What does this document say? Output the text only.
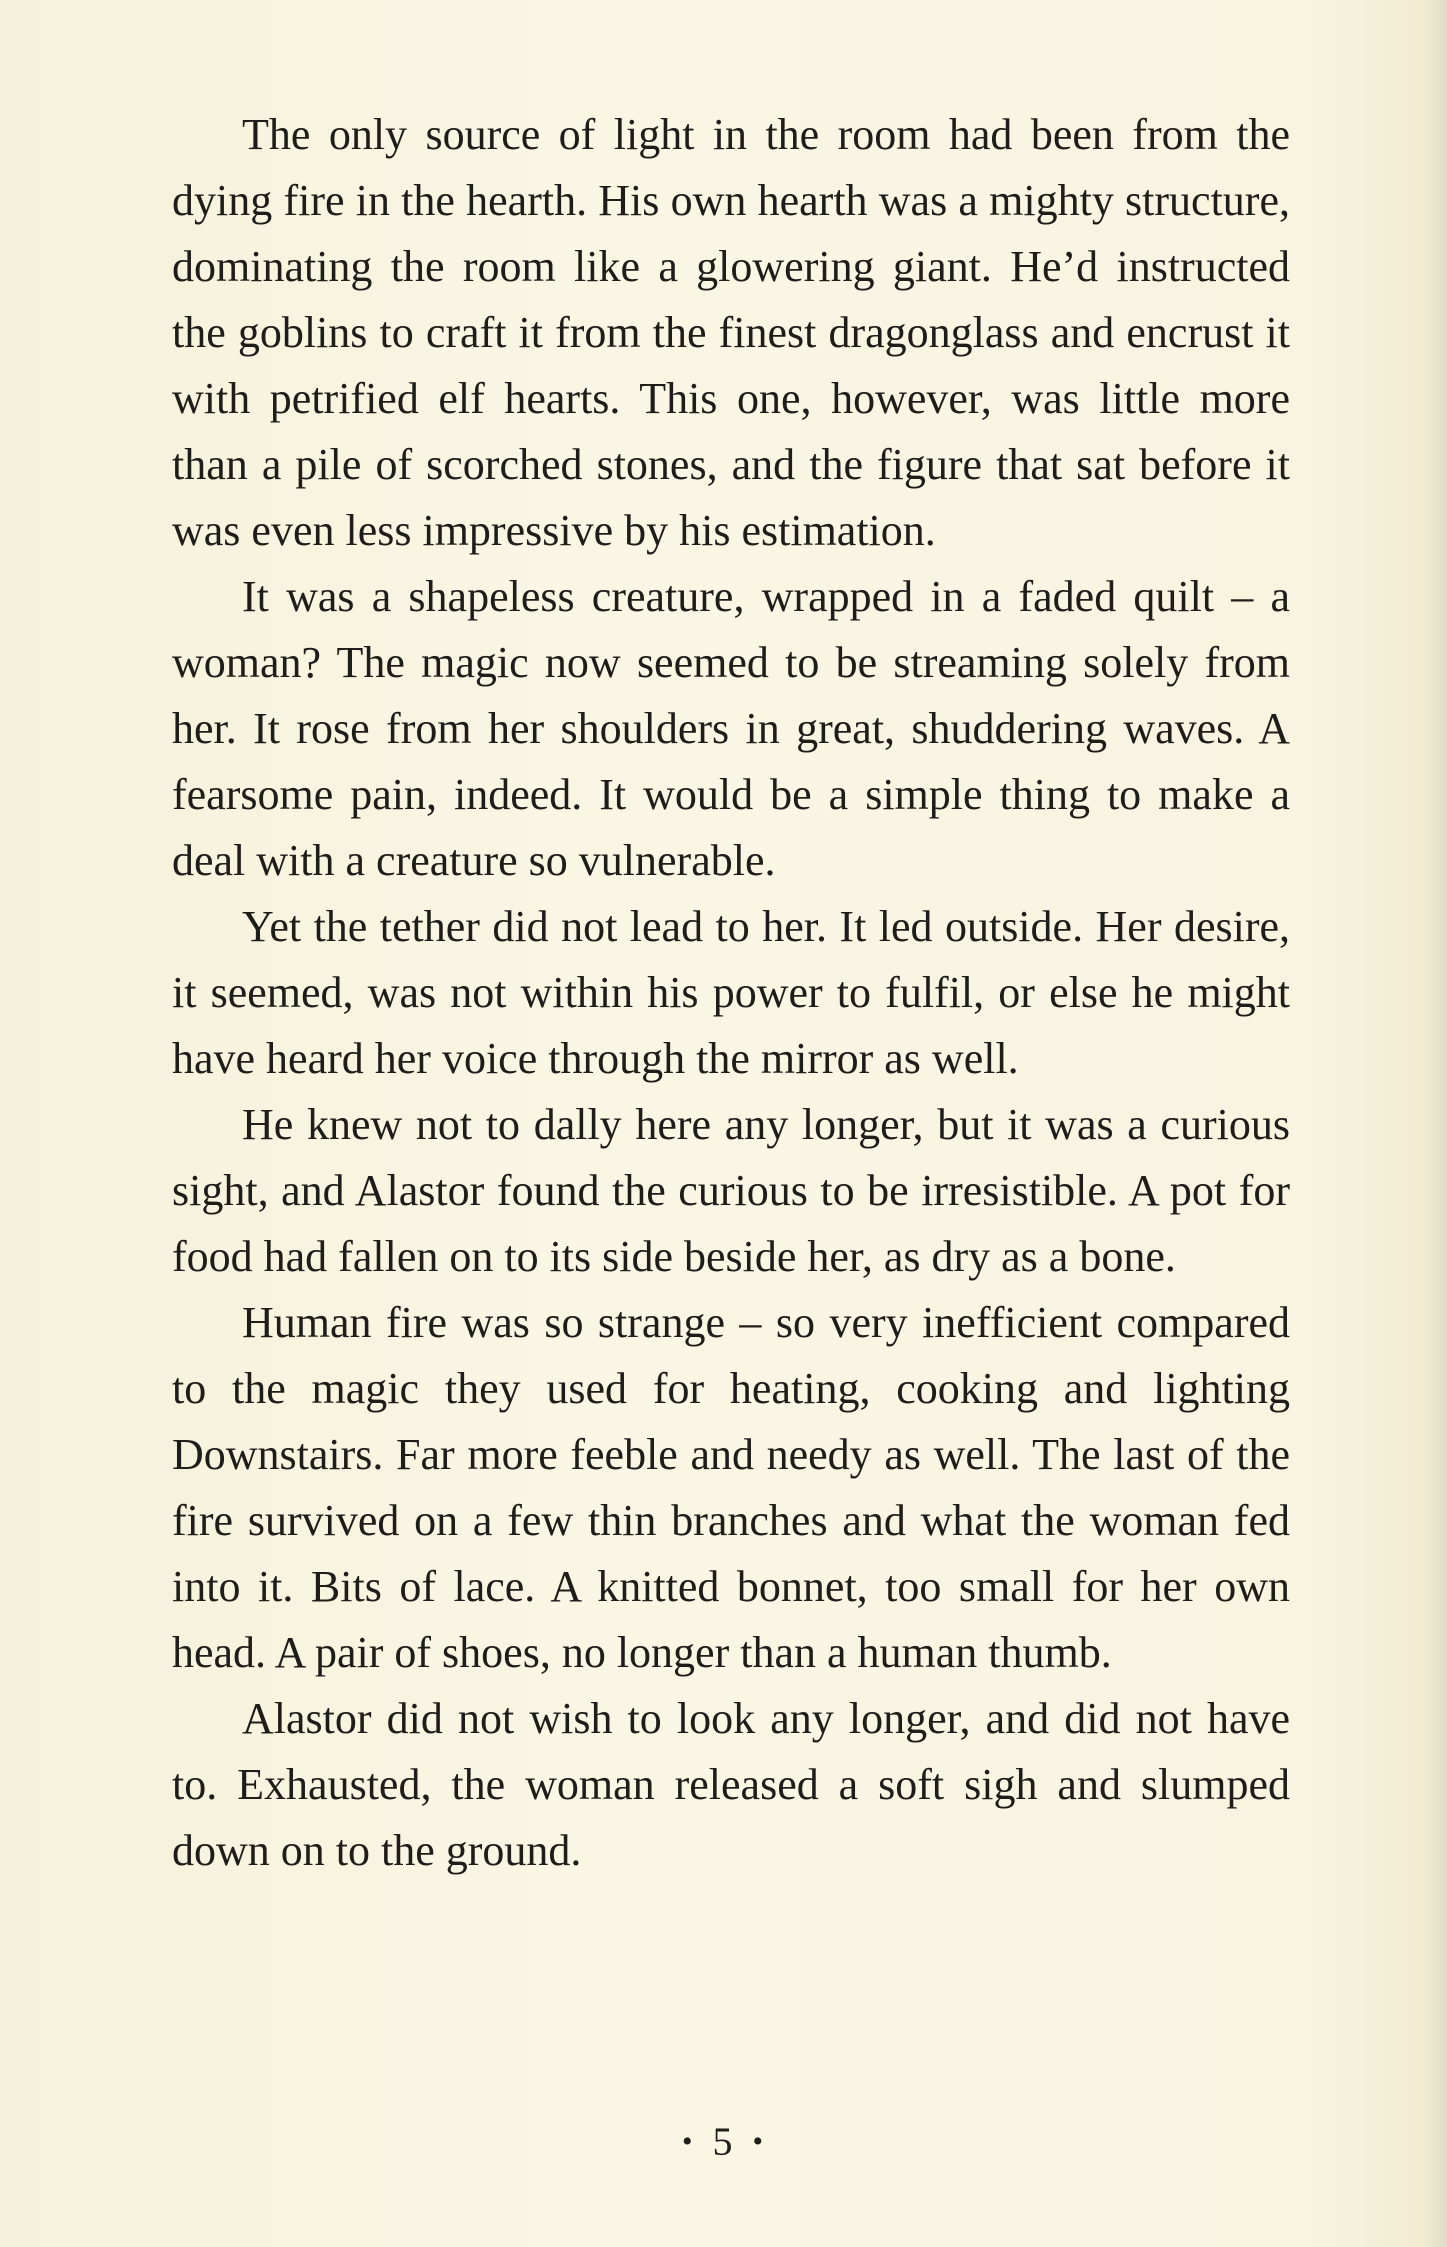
The only source of light in the room had been from the dying fire in the hearth. His own hearth was a mighty structure, dominating the room like a glowering giant. He’d instructed the goblins to craft it from the finest dragonglass and encrust it with petrified elf hearts. This one, however, was little more than a pile of scorched stones, and the figure that sat before it was even less impressive by his estimation.

It was a shapeless creature, wrapped in a faded quilt – a woman? The magic now seemed to be streaming solely from her. It rose from her shoulders in great, shuddering waves. A fearsome pain, indeed. It would be a simple thing to make a deal with a creature so vulnerable.

Yet the tether did not lead to her. It led outside. Her desire, it seemed, was not within his power to fulfil, or else he might have heard her voice through the mirror as well.

He knew not to dally here any longer, but it was a curious sight, and Alastor found the curious to be irresistible. A pot for food had fallen on to its side beside her, as dry as a bone.

Human fire was so strange – so very inefficient compared to the magic they used for heating, cooking and lighting Downstairs. Far more feeble and needy as well. The last of the fire survived on a few thin branches and what the woman fed into it. Bits of lace. A knitted bonnet, too small for her own head. A pair of shoes, no longer than a human thumb.

Alastor did not wish to look any longer, and did not have to. Exhausted, the woman released a soft sigh and slumped down on to the ground.

• 5 •
